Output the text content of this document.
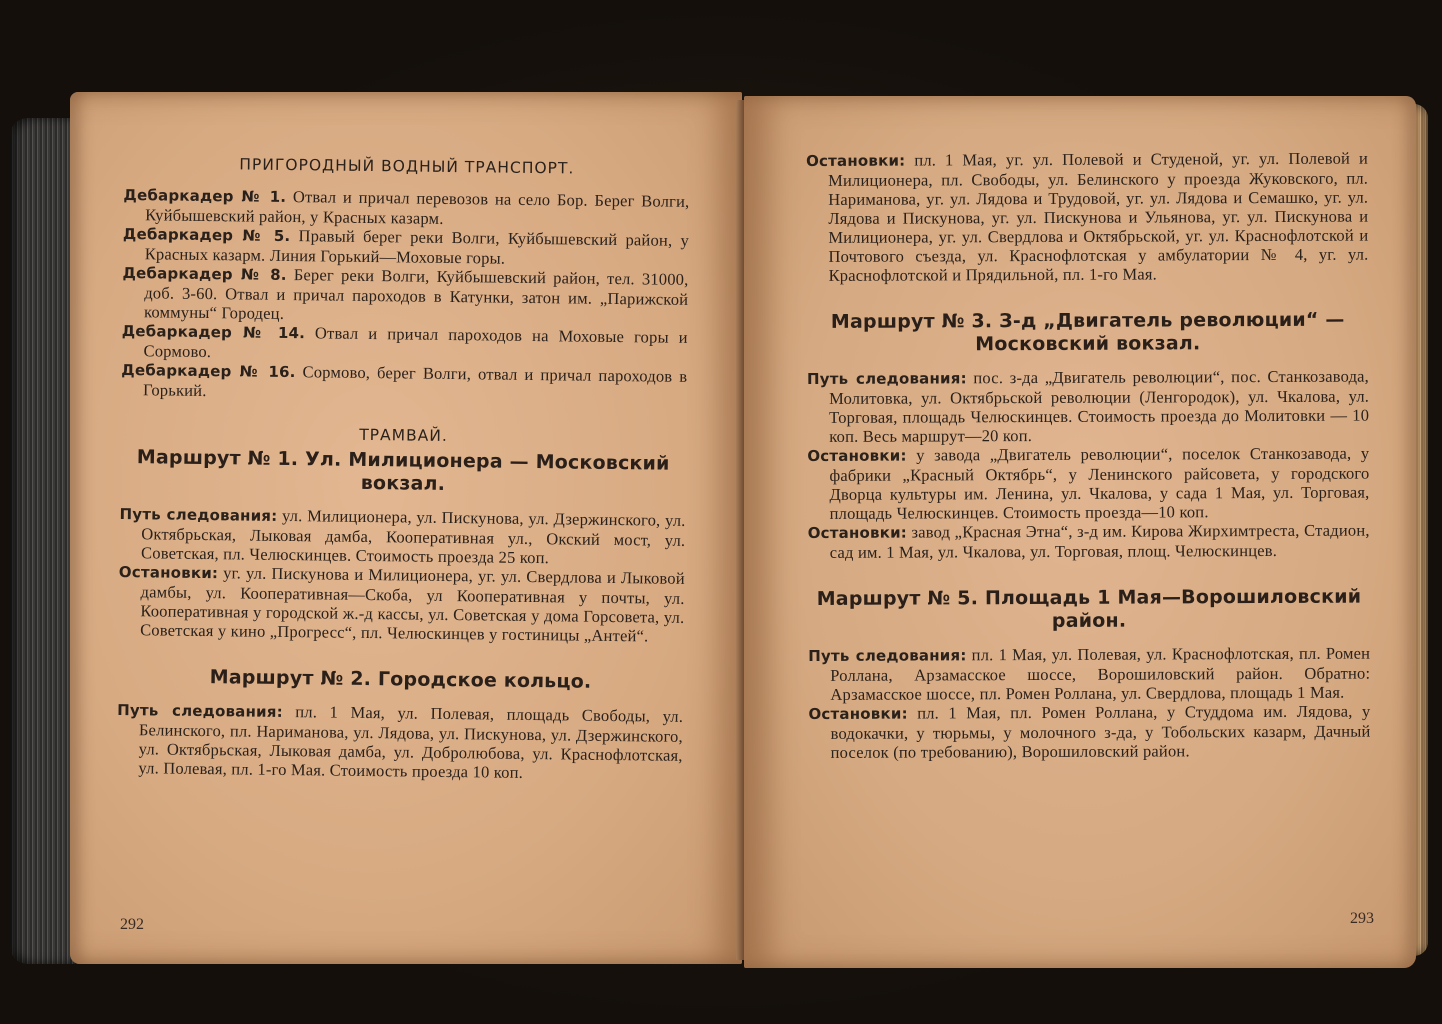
ПРИГОРОДНЫЙ ВОДНЫЙ ТРАНСПОРТ.

Дебаркадер № 1. Отвал и причал перевозов на село Бор. Берег Волги, Куйбышевский район, у Красных казарм.

Дебаркадер № 5. Правый берег реки Волги, Куйбышевский район, у Красных казарм. Линия Горький—Моховые горы.

Дебаркадер № 8. Берег реки Волги, Куйбышевский район, тел. 31000, доб. 3-60. Отвал и причал пароходов в Катунки, затон им. „Парижской коммуны“ Городец.

Дебаркадер № 14. Отвал и причал пароходов на Моховые горы и Сормово.

Дебаркадер № 16. Сормово, берег Волги, отвал и причал пароходов в Горький.

ТРАМВАЙ.
Маршрут № 1. Ул. Милиционера — Московский вокзал.

Путь следования: ул. Милиционера, ул. Пискунова, ул. Дзержинского, ул. Октябрьская, Лыковая дамба, Кооперативная ул., Окский мост, ул. Советская, пл. Челюскинцев. Стоимость проезда 25 коп.

Остановки: уг. ул. Пискунова и Милиционера, уг. ул. Свердлова и Лыковой дамбы, ул. Кооперативная—Скоба, ул Кооперативная у почты, ул. Кооперативная у городской ж.-д кассы, ул. Советская у дома Горсовета, ул. Советская у кино „Прогресс“, пл. Челюскинцев у гостиницы „Антей“.

Маршрут № 2. Городское кольцо.

Путь следования: пл. 1 Мая, ул. Полевая, площадь Свободы, ул. Белинского, пл. Нариманова, ул. Лядова, ул. Пискунова, ул. Дзержинского, ул. Октябрьская, Лыковая дамба, ул. Добролюбова, ул. Краснофлотская, ул. Полевая, пл. 1-го Мая. Стоимость проезда 10 коп.

292

Остановки: пл. 1 Мая, уг. ул. Полевой и Студеной, уг. ул. Полевой и Милиционера, пл. Свободы, ул. Белинского у проезда Жуковского, пл. Нариманова, уг. ул. Лядова и Трудовой, уг. ул. Лядова и Семашко, уг. ул. Лядова и Пискунова, уг. ул. Пискунова и Ульянова, уг. ул. Пискунова и Милиционера, уг. ул. Свердлова и Октябрьской, уг. ул. Краснофлотской и Почтового съезда, ул. Краснофлотская у амбулатории № 4, уг. ул. Краснофлотской и Прядильной, пл. 1-го Мая.

Маршрут № 3. З-д „Двигатель революции“ — Московский вокзал.

Путь следования: пос. з-да „Двигатель революции“, пос. Станкозавода, Молитовка, ул. Октябрьской революции (Ленгородок), ул. Чкалова, ул. Торговая, площадь Челюскинцев. Стоимость проезда до Молитовки — 10 коп. Весь маршрут—20 коп.

Остановки: у завода „Двигатель революции“, поселок Станкозавода, у фабрики „Красный Октябрь“, у Ленинского райсовета, у городского Дворца культуры им. Ленина, ул. Чкалова, у сада 1 Мая, ул. Торговая, площадь Челюскинцев. Стоимость проезда—10 коп.

Остановки: завод „Красная Этна“, з-д им. Кирова Жирхимтреста, Стадион, сад им. 1 Мая, ул. Чкалова, ул. Торговая, площ. Челюскинцев.

Маршрут № 5. Площадь 1 Мая—Ворошиловский район.

Путь следования: пл. 1 Мая, ул. Полевая, ул. Краснофлотская, пл. Ромен Роллана, Арзамасское шоссе, Ворошиловский район. Обратно: Арзамасское шоссе, пл. Ромен Роллана, ул. Свердлова, площадь 1 Мая.

Остановки: пл. 1 Мая, пл. Ромен Роллана, у Студдома им. Лядова, у водокачки, у тюрьмы, у молочного з-да, у Тобольских казарм, Дачный поселок (по требованию), Ворошиловский район.

293
